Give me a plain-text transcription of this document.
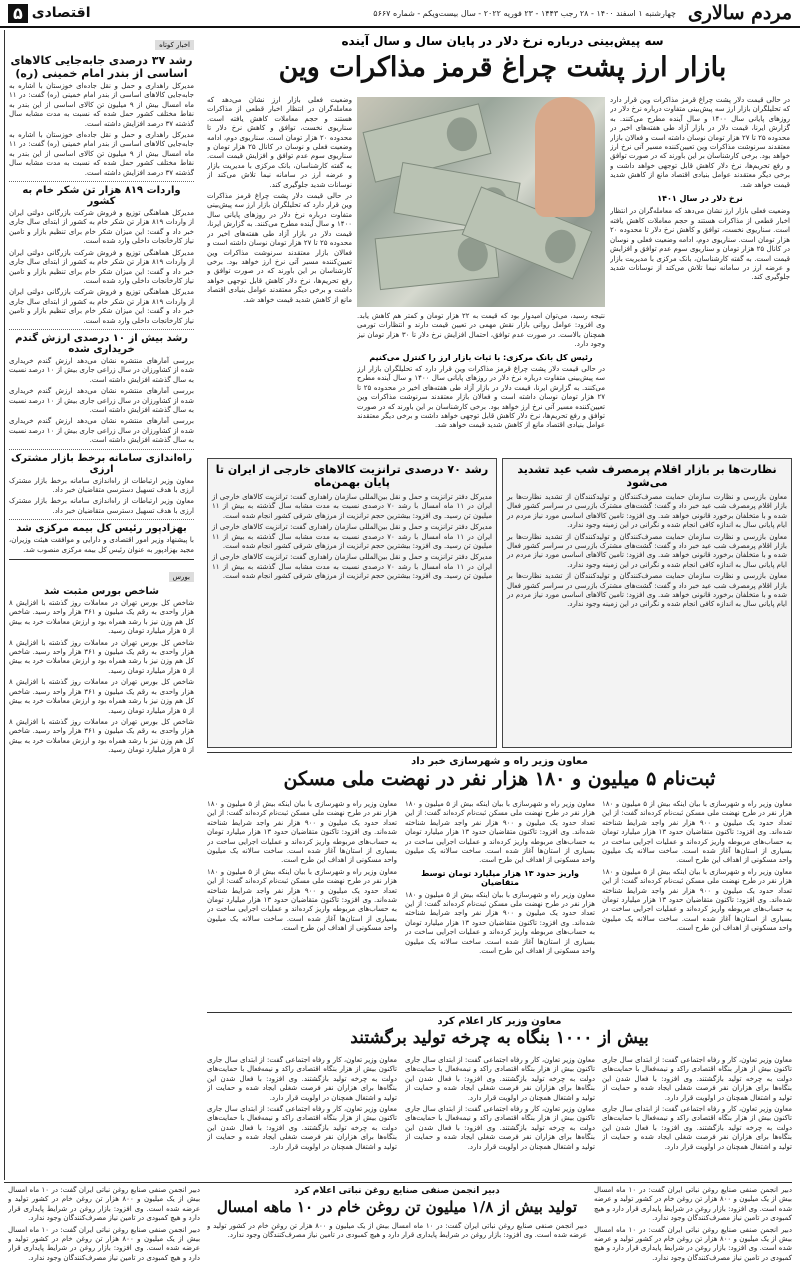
مردم سالاری
چهارشنبه ۱ اسفند ۱۴۰۰ - ۲۸ رجب ۱۴۴۳ - ۲۳ فوریه ۲۰۲۲ - سال بیست‌ویکم - شماره ۵۶۶۷
اقتصادی
۵
سه پیش‌بینی درباره نرخ دلار در پایان سال و سال آینده
بازار ارز پشت چراغ قرمز مذاکرات وین

در حالی قیمت دلار پشت چراغ قرمز مذاکرات وین قرار دارد که تحلیلگران بازار ارز سه پیش‌بینی متفاوت درباره نرخ دلار در روزهای پایانی سال ۱۴۰۰ و سال آینده مطرح می‌کنند. به گزارش ایرنا، قیمت دلار در بازار آزاد طی هفته‌های اخیر در محدوده ۲۵ تا ۲۷ هزار تومان نوسان داشته است و فعالان بازار معتقدند سرنوشت مذاکرات وین تعیین‌کننده مسیر آتی نرخ ارز خواهد بود. برخی کارشناسان بر این باورند که در صورت توافق و رفع تحریم‌ها، نرخ دلار کاهش قابل توجهی خواهد داشت و برخی دیگر معتقدند عوامل بنیادی اقتصاد مانع از کاهش شدید قیمت خواهد شد.

نرخ دلار در سال ۱۴۰۱

وضعیت فعلی بازار ارز نشان می‌دهد که معامله‌گران در انتظار اخبار قطعی از مذاکرات هستند و حجم معاملات کاهش یافته است. سناریوی نخست، توافق و کاهش نرخ دلار تا محدوده ۲۰ هزار تومان است. سناریوی دوم، ادامه وضعیت فعلی و نوسان در کانال ۲۵ هزار تومان و سناریوی سوم عدم توافق و افزایش قیمت است. به گفته کارشناسان، بانک مرکزی با مدیریت بازار و عرضه ارز در سامانه نیما تلاش می‌کند از نوسانات شدید جلوگیری کند.

نتیجه رسید، می‌توان امیدوار بود که قیمت به ۲۲ هزار تومان و کمتر هم کاهش یابد. وی افزود: عوامل روانی بازار نقش مهمی در تعیین قیمت دارند و انتظارات تورمی همچنان بالاست. در صورت عدم توافق، احتمال افزایش نرخ دلار تا ۳۰ هزار تومان نیز وجود دارد.

رئیس کل بانک مرکزی: با ثبات بازار ارز را کنترل می‌کنیم

در حالی قیمت دلار پشت چراغ قرمز مذاکرات وین قرار دارد که تحلیلگران بازار ارز سه پیش‌بینی متفاوت درباره نرخ دلار در روزهای پایانی سال ۱۴۰۰ و سال آینده مطرح می‌کنند. به گزارش ایرنا، قیمت دلار در بازار آزاد طی هفته‌های اخیر در محدوده ۲۵ تا ۲۷ هزار تومان نوسان داشته است و فعالان بازار معتقدند سرنوشت مذاکرات وین تعیین‌کننده مسیر آتی نرخ ارز خواهد بود. برخی کارشناسان بر این باورند که در صورت توافق و رفع تحریم‌ها، نرخ دلار کاهش قابل توجهی خواهد داشت و برخی دیگر معتقدند عوامل بنیادی اقتصاد مانع از کاهش شدید قیمت خواهد شد.

وضعیت فعلی بازار ارز نشان می‌دهد که معامله‌گران در انتظار اخبار قطعی از مذاکرات هستند و حجم معاملات کاهش یافته است. سناریوی نخست، توافق و کاهش نرخ دلار تا محدوده ۲۰ هزار تومان است. سناریوی دوم، ادامه وضعیت فعلی و نوسان در کانال ۲۵ هزار تومان و سناریوی سوم عدم توافق و افزایش قیمت است. به گفته کارشناسان، بانک مرکزی با مدیریت بازار و عرضه ارز در سامانه نیما تلاش می‌کند از نوسانات شدید جلوگیری کند.

در حالی قیمت دلار پشت چراغ قرمز مذاکرات وین قرار دارد که تحلیلگران بازار ارز سه پیش‌بینی متفاوت درباره نرخ دلار در روزهای پایانی سال ۱۴۰۰ و سال آینده مطرح می‌کنند. به گزارش ایرنا، قیمت دلار در بازار آزاد طی هفته‌های اخیر در محدوده ۲۵ تا ۲۷ هزار تومان نوسان داشته است و فعالان بازار معتقدند سرنوشت مذاکرات وین تعیین‌کننده مسیر آتی نرخ ارز خواهد بود. برخی کارشناسان بر این باورند که در صورت توافق و رفع تحریم‌ها، نرخ دلار کاهش قابل توجهی خواهد داشت و برخی دیگر معتقدند عوامل بنیادی اقتصاد مانع از کاهش شدید قیمت خواهد شد.

نظارت‌ها بر بازار اقلام پرمصرف شب عید تشدید می‌شود

معاون بازرسی و نظارت سازمان حمایت مصرف‌کنندگان و تولیدکنندگان از تشدید نظارت‌ها بر بازار اقلام پرمصرف شب عید خبر داد و گفت: گشت‌های مشترک بازرسی در سراسر کشور فعال شده و با متخلفان برخورد قانونی خواهد شد. وی افزود: تامین کالاهای اساسی مورد نیاز مردم در ایام پایانی سال به اندازه کافی انجام شده و نگرانی در این زمینه وجود ندارد.

معاون بازرسی و نظارت سازمان حمایت مصرف‌کنندگان و تولیدکنندگان از تشدید نظارت‌ها بر بازار اقلام پرمصرف شب عید خبر داد و گفت: گشت‌های مشترک بازرسی در سراسر کشور فعال شده و با متخلفان برخورد قانونی خواهد شد. وی افزود: تامین کالاهای اساسی مورد نیاز مردم در ایام پایانی سال به اندازه کافی انجام شده و نگرانی در این زمینه وجود ندارد.

معاون بازرسی و نظارت سازمان حمایت مصرف‌کنندگان و تولیدکنندگان از تشدید نظارت‌ها بر بازار اقلام پرمصرف شب عید خبر داد و گفت: گشت‌های مشترک بازرسی در سراسر کشور فعال شده و با متخلفان برخورد قانونی خواهد شد. وی افزود: تامین کالاهای اساسی مورد نیاز مردم در ایام پایانی سال به اندازه کافی انجام شده و نگرانی در این زمینه وجود ندارد.

رشد ۷۰ درصدی ترانزیت کالاهای خارجی از ایران تا پایان بهمن‌ماه

مدیرکل دفتر ترانزیت و حمل و نقل بین‌المللی سازمان راهداری گفت: ترانزیت کالاهای خارجی از ایران در ۱۱ ماه امسال با رشد ۷۰ درصدی نسبت به مدت مشابه سال گذشته به بیش از ۱۱ میلیون تن رسید. وی افزود: بیشترین حجم ترانزیت از مرزهای شرقی کشور انجام شده است.

مدیرکل دفتر ترانزیت و حمل و نقل بین‌المللی سازمان راهداری گفت: ترانزیت کالاهای خارجی از ایران در ۱۱ ماه امسال با رشد ۷۰ درصدی نسبت به مدت مشابه سال گذشته به بیش از ۱۱ میلیون تن رسید. وی افزود: بیشترین حجم ترانزیت از مرزهای شرقی کشور انجام شده است.

مدیرکل دفتر ترانزیت و حمل و نقل بین‌المللی سازمان راهداری گفت: ترانزیت کالاهای خارجی از ایران در ۱۱ ماه امسال با رشد ۷۰ درصدی نسبت به مدت مشابه سال گذشته به بیش از ۱۱ میلیون تن رسید. وی افزود: بیشترین حجم ترانزیت از مرزهای شرقی کشور انجام شده است.

معاون وزیر راه و شهرسازی خبر داد
ثبت‌نام ۵ میلیون و ۱۸۰ هزار نفر در نهضت ملی مسکن

معاون وزیر راه و شهرسازی با بیان اینکه بیش از ۵ میلیون و ۱۸۰ هزار نفر در طرح نهضت ملی مسکن ثبت‌نام کرده‌اند گفت: از این تعداد حدود یک میلیون و ۹۰۰ هزار نفر واجد شرایط شناخته شده‌اند. وی افزود: تاکنون متقاضیان حدود ۱۳ هزار میلیارد تومان به حساب‌های مربوطه واریز کرده‌اند و عملیات اجرایی ساخت در بسیاری از استان‌ها آغاز شده است. ساخت سالانه یک میلیون واحد مسکونی از اهداف این طرح است.

معاون وزیر راه و شهرسازی با بیان اینکه بیش از ۵ میلیون و ۱۸۰ هزار نفر در طرح نهضت ملی مسکن ثبت‌نام کرده‌اند گفت: از این تعداد حدود یک میلیون و ۹۰۰ هزار نفر واجد شرایط شناخته شده‌اند. وی افزود: تاکنون متقاضیان حدود ۱۳ هزار میلیارد تومان به حساب‌های مربوطه واریز کرده‌اند و عملیات اجرایی ساخت در بسیاری از استان‌ها آغاز شده است. ساخت سالانه یک میلیون واحد مسکونی از اهداف این طرح است.

معاون وزیر راه و شهرسازی با بیان اینکه بیش از ۵ میلیون و ۱۸۰ هزار نفر در طرح نهضت ملی مسکن ثبت‌نام کرده‌اند گفت: از این تعداد حدود یک میلیون و ۹۰۰ هزار نفر واجد شرایط شناخته شده‌اند. وی افزود: تاکنون متقاضیان حدود ۱۳ هزار میلیارد تومان به حساب‌های مربوطه واریز کرده‌اند و عملیات اجرایی ساخت در بسیاری از استان‌ها آغاز شده است. ساخت سالانه یک میلیون واحد مسکونی از اهداف این طرح است.

واریز حدود ۱۳ هزار میلیارد تومان توسط متقاضیان

معاون وزیر راه و شهرسازی با بیان اینکه بیش از ۵ میلیون و ۱۸۰ هزار نفر در طرح نهضت ملی مسکن ثبت‌نام کرده‌اند گفت: از این تعداد حدود یک میلیون و ۹۰۰ هزار نفر واجد شرایط شناخته شده‌اند. وی افزود: تاکنون متقاضیان حدود ۱۳ هزار میلیارد تومان به حساب‌های مربوطه واریز کرده‌اند و عملیات اجرایی ساخت در بسیاری از استان‌ها آغاز شده است. ساخت سالانه یک میلیون واحد مسکونی از اهداف این طرح است.

معاون وزیر راه و شهرسازی با بیان اینکه بیش از ۵ میلیون و ۱۸۰ هزار نفر در طرح نهضت ملی مسکن ثبت‌نام کرده‌اند گفت: از این تعداد حدود یک میلیون و ۹۰۰ هزار نفر واجد شرایط شناخته شده‌اند. وی افزود: تاکنون متقاضیان حدود ۱۳ هزار میلیارد تومان به حساب‌های مربوطه واریز کرده‌اند و عملیات اجرایی ساخت در بسیاری از استان‌ها آغاز شده است. ساخت سالانه یک میلیون واحد مسکونی از اهداف این طرح است.

معاون وزیر راه و شهرسازی با بیان اینکه بیش از ۵ میلیون و ۱۸۰ هزار نفر در طرح نهضت ملی مسکن ثبت‌نام کرده‌اند گفت: از این تعداد حدود یک میلیون و ۹۰۰ هزار نفر واجد شرایط شناخته شده‌اند. وی افزود: تاکنون متقاضیان حدود ۱۳ هزار میلیارد تومان به حساب‌های مربوطه واریز کرده‌اند و عملیات اجرایی ساخت در بسیاری از استان‌ها آغاز شده است. ساخت سالانه یک میلیون واحد مسکونی از اهداف این طرح است.

معاون وزیر کار اعلام کرد
بیش از ۱۰۰۰ بنگاه به چرخه تولید برگشتند

معاون وزیر تعاون، کار و رفاه اجتماعی گفت: از ابتدای سال جاری تاکنون بیش از هزار بنگاه اقتصادی راکد و نیمه‌فعال با حمایت‌های دولت به چرخه تولید بازگشتند. وی افزود: با فعال شدن این بنگاه‌ها برای هزاران نفر فرصت شغلی ایجاد شده و حمایت از تولید و اشتغال همچنان در اولویت قرار دارد.

معاون وزیر تعاون، کار و رفاه اجتماعی گفت: از ابتدای سال جاری تاکنون بیش از هزار بنگاه اقتصادی راکد و نیمه‌فعال با حمایت‌های دولت به چرخه تولید بازگشتند. وی افزود: با فعال شدن این بنگاه‌ها برای هزاران نفر فرصت شغلی ایجاد شده و حمایت از تولید و اشتغال همچنان در اولویت قرار دارد.

معاون وزیر تعاون، کار و رفاه اجتماعی گفت: از ابتدای سال جاری تاکنون بیش از هزار بنگاه اقتصادی راکد و نیمه‌فعال با حمایت‌های دولت به چرخه تولید بازگشتند. وی افزود: با فعال شدن این بنگاه‌ها برای هزاران نفر فرصت شغلی ایجاد شده و حمایت از تولید و اشتغال همچنان در اولویت قرار دارد.

معاون وزیر تعاون، کار و رفاه اجتماعی گفت: از ابتدای سال جاری تاکنون بیش از هزار بنگاه اقتصادی راکد و نیمه‌فعال با حمایت‌های دولت به چرخه تولید بازگشتند. وی افزود: با فعال شدن این بنگاه‌ها برای هزاران نفر فرصت شغلی ایجاد شده و حمایت از تولید و اشتغال همچنان در اولویت قرار دارد.

معاون وزیر تعاون، کار و رفاه اجتماعی گفت: از ابتدای سال جاری تاکنون بیش از هزار بنگاه اقتصادی راکد و نیمه‌فعال با حمایت‌های دولت به چرخه تولید بازگشتند. وی افزود: با فعال شدن این بنگاه‌ها برای هزاران نفر فرصت شغلی ایجاد شده و حمایت از تولید و اشتغال همچنان در اولویت قرار دارد.

معاون وزیر تعاون، کار و رفاه اجتماعی گفت: از ابتدای سال جاری تاکنون بیش از هزار بنگاه اقتصادی راکد و نیمه‌فعال با حمایت‌های دولت به چرخه تولید بازگشتند. وی افزود: با فعال شدن این بنگاه‌ها برای هزاران نفر فرصت شغلی ایجاد شده و حمایت از تولید و اشتغال همچنان در اولویت قرار دارد.

دبیر انجمن صنفی صنایع روغن نباتی اعلام کرد
تولید بیش از ۱/۸ میلیون تن روغن خام در ۱۰ ماهه امسال

دبیر انجمن صنفی صنایع روغن نباتی ایران گفت: در ۱۰ ماه امسال بیش از یک میلیون و ۸۰۰ هزار تن روغن خام در کشور تولید و عرضه شده است. وی افزود: بازار روغن در شرایط پایداری قرار دارد و هیچ کمبودی در تامین نیاز مصرف‌کنندگان وجود ندارد.

دبیر انجمن صنفی صنایع روغن نباتی ایران گفت: در ۱۰ ماه امسال بیش از یک میلیون و ۸۰۰ هزار تن روغن خام در کشور تولید و عرضه شده است. وی افزود: بازار روغن در شرایط پایداری قرار دارد و هیچ کمبودی در تامین نیاز مصرف‌کنندگان وجود ندارد.

دبیر انجمن صنفی صنایع روغن نباتی ایران گفت: در ۱۰ ماه امسال بیش از یک میلیون و ۸۰۰ هزار تن روغن خام در کشور تولید و عرضه شده است. وی افزود: بازار روغن در شرایط پایداری قرار دارد و هیچ کمبودی در تامین نیاز مصرف‌کنندگان وجود ندارد.

دبیر انجمن صنفی صنایع روغن نباتی ایران گفت: در ۱۰ ماه امسال بیش از یک میلیون و ۸۰۰ هزار تن روغن خام در کشور تولید و عرضه شده است. وی افزود: بازار روغن در شرایط پایداری قرار دارد و هیچ کمبودی در تامین نیاز مصرف‌کنندگان وجود ندارد.

دبیر انجمن صنفی صنایع روغن نباتی ایران گفت: در ۱۰ ماه امسال بیش از یک میلیون و ۸۰۰ هزار تن روغن خام در کشور تولید و عرضه شده است. وی افزود: بازار روغن در شرایط پایداری قرار دارد و هیچ کمبودی در تامین نیاز مصرف‌کنندگان وجود ندارد.

اخبار کوتاه
رشد ۳۷ درصدی جابه‌جایی کالاهای اساسی از بندر امام خمینی (ره)

مدیرکل راهداری و حمل و نقل جاده‌ای خوزستان با اشاره به جابه‌جایی کالاهای اساسی از بندر امام خمینی (ره) گفت: در ۱۱ ماه امسال بیش از ۹ میلیون تن کالای اساسی از این بندر به نقاط مختلف کشور حمل شده که نسبت به مدت مشابه سال گذشته ۳۷ درصد افزایش داشته است.

مدیرکل راهداری و حمل و نقل جاده‌ای خوزستان با اشاره به جابه‌جایی کالاهای اساسی از بندر امام خمینی (ره) گفت: در ۱۱ ماه امسال بیش از ۹ میلیون تن کالای اساسی از این بندر به نقاط مختلف کشور حمل شده که نسبت به مدت مشابه سال گذشته ۳۷ درصد افزایش داشته است.

واردات ۸۱۹ هزار تن شکر خام به کشور

مدیرکل هماهنگی توزیع و فروش شرکت بازرگانی دولتی ایران از واردات ۸۱۹ هزار تن شکر خام به کشور از ابتدای سال جاری خبر داد و گفت: این میزان شکر خام برای تنظیم بازار و تامین نیاز کارخانجات داخلی وارد شده است.

مدیرکل هماهنگی توزیع و فروش شرکت بازرگانی دولتی ایران از واردات ۸۱۹ هزار تن شکر خام به کشور از ابتدای سال جاری خبر داد و گفت: این میزان شکر خام برای تنظیم بازار و تامین نیاز کارخانجات داخلی وارد شده است.

مدیرکل هماهنگی توزیع و فروش شرکت بازرگانی دولتی ایران از واردات ۸۱۹ هزار تن شکر خام به کشور از ابتدای سال جاری خبر داد و گفت: این میزان شکر خام برای تنظیم بازار و تامین نیاز کارخانجات داخلی وارد شده است.

رشد بیش از ۱۰ درصدی ارزش گندم خریداری شده

بررسی آمارهای منتشره نشان می‌دهد ارزش گندم خریداری شده از کشاورزان در سال زراعی جاری بیش از ۱۰ درصد نسبت به سال گذشته افزایش داشته است.

بررسی آمارهای منتشره نشان می‌دهد ارزش گندم خریداری شده از کشاورزان در سال زراعی جاری بیش از ۱۰ درصد نسبت به سال گذشته افزایش داشته است.

بررسی آمارهای منتشره نشان می‌دهد ارزش گندم خریداری شده از کشاورزان در سال زراعی جاری بیش از ۱۰ درصد نسبت به سال گذشته افزایش داشته است.

راه‌اندازی سامانه برخط بازار مشترک ارزی

معاون وزیر ارتباطات از راه‌اندازی سامانه برخط بازار مشترک ارزی با هدف تسهیل دسترسی متقاضیان خبر داد.

معاون وزیر ارتباطات از راه‌اندازی سامانه برخط بازار مشترک ارزی با هدف تسهیل دسترسی متقاضیان خبر داد.

بهزادپور رئیس کل بیمه مرکزی شد

با پیشنهاد وزیر امور اقتصادی و دارایی و موافقت هیئت وزیران، مجید بهزادپور به عنوان رئیس کل بیمه مرکزی منصوب شد.

بورس
شاخص بورس مثبت شد

شاخص کل بورس تهران در معاملات روز گذشته با افزایش ۸ هزار واحدی به رقم یک میلیون و ۳۶۱ هزار واحد رسید. شاخص کل هم وزن نیز با رشد همراه بود و ارزش معاملات خرد به بیش از ۵ هزار میلیارد تومان رسید.

شاخص کل بورس تهران در معاملات روز گذشته با افزایش ۸ هزار واحدی به رقم یک میلیون و ۳۶۱ هزار واحد رسید. شاخص کل هم وزن نیز با رشد همراه بود و ارزش معاملات خرد به بیش از ۵ هزار میلیارد تومان رسید.

شاخص کل بورس تهران در معاملات روز گذشته با افزایش ۸ هزار واحدی به رقم یک میلیون و ۳۶۱ هزار واحد رسید. شاخص کل هم وزن نیز با رشد همراه بود و ارزش معاملات خرد به بیش از ۵ هزار میلیارد تومان رسید.

شاخص کل بورس تهران در معاملات روز گذشته با افزایش ۸ هزار واحدی به رقم یک میلیون و ۳۶۱ هزار واحد رسید. شاخص کل هم وزن نیز با رشد همراه بود و ارزش معاملات خرد به بیش از ۵ هزار میلیارد تومان رسید.
